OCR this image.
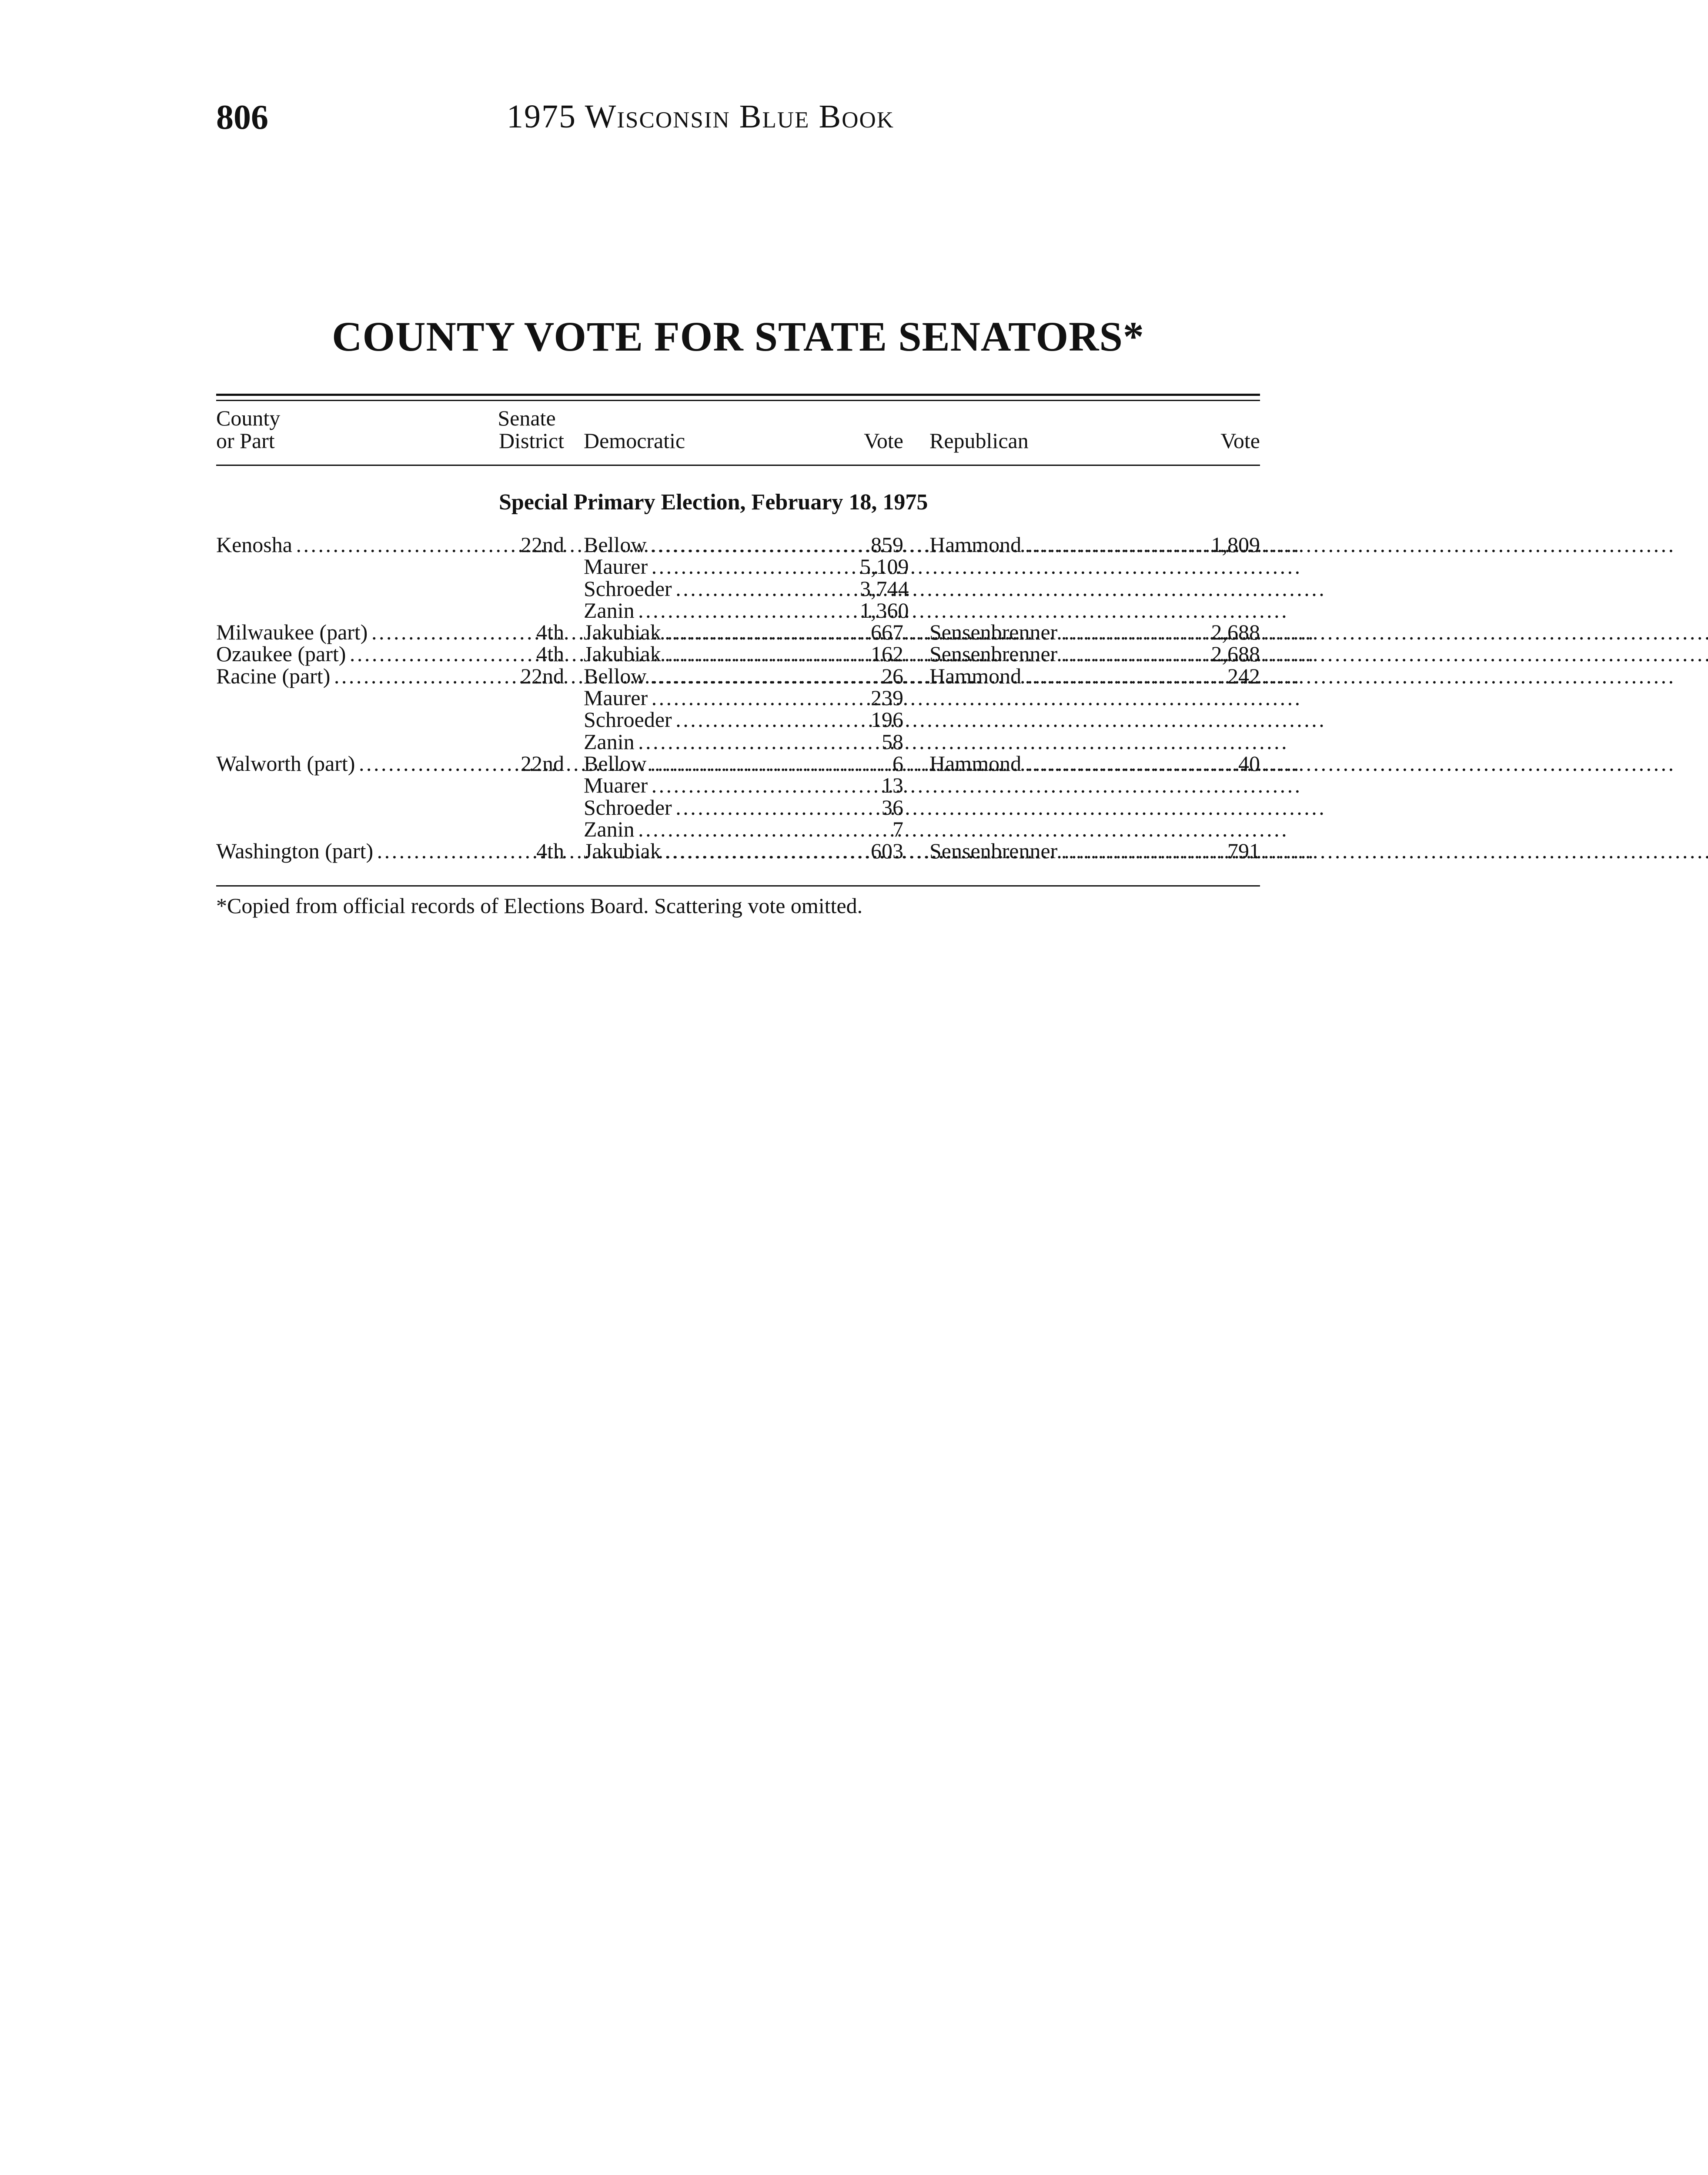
806	1975 Wisconsin Blue Book
COUNTY VOTE FOR STATE SENATORS*
County
or Part
Senate
District Democratic	Vote Republican	Vote
Special Primary Election, February 18, 1975
Kenosha . . .	22nd Bellow . . .	859 Hammond . . .	1,809
Maurer . . .	5,109
Schroeder . . .	3,744
Zanin . . .	1,360
Milwaukee (part) . . .	4th Jakubiak . . .	667 Sensenbrenner . . .	2,688
Ozaukee (part) . . .	4th Jakubiak . . .	162 Sensenbrenner . . .	2,688
Racine (part) . . .	22nd Bellow . . .	26 Hammond . . .	242
Maurer . . .	239
Schroeder . . .	196
Zanin . . .	58
Walworth (part) . . .	22nd Bellow . . .	6 Hammond . . .	40
Muarer . . .	13
Schroeder . . .	36
Zanin . . .	7
Washington (part) . . .	4th Jakubiak . . .	603 Sensenbrenner . . .	791
*Copied from official records of Elections Board. Scattering vote omitted.
